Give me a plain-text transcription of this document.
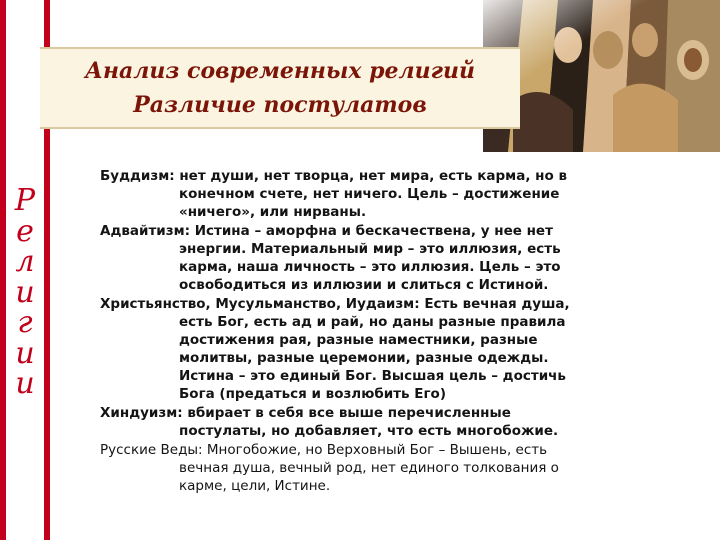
Р
е
л
и
г
и
и
Анализ современных религий
Различие постулатов
Буддизм: нет души, нет творца, нет мира, есть карма, но в
конечном счете, нет ничего. Цель – достижение
«ничего», или нирваны.
Адвайтизм: Истина – аморфна и бескачествена, у нее нет
энергии. Материальный мир – это иллюзия, есть
карма, наша личность – это иллюзия. Цель – это
освободиться из иллюзии и слиться с Истиной.
Христьянство, Мусульманство, Иудаизм: Есть вечная душа,
есть Бог, есть ад и рай, но даны разные правила
достижения рая, разные наместники, разные
молитвы, разные церемонии, разные одежды.
Истина – это единый Бог. Высшая цель – достичь
Бога (предаться и возлюбить Его)
Хиндуизм: вбирает в себя все выше перечисленные
постулаты, но добавляет, что есть многобожие.
Русские Веды: Многобожие, но Верховный Бог – Вышень, есть
вечная душа, вечный род, нет единого толкования о
карме, цели, Истине.
